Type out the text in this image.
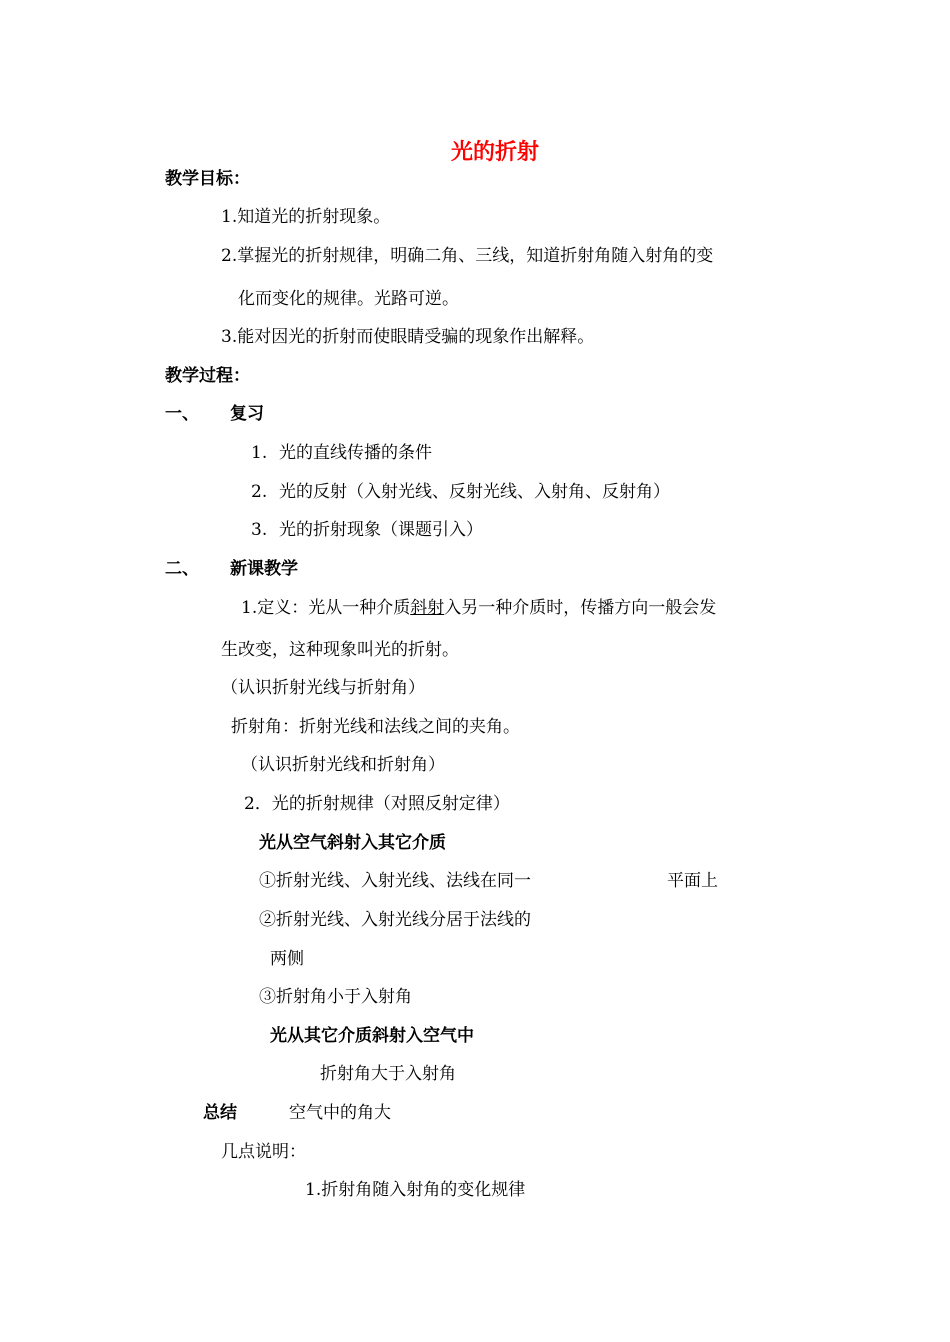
光的折射
教学目标：
1.知道光的折射现象。
2.掌握光的折射规律，明确二角、三线，知道折射角随入射角的变
化而变化的规律。光路可逆。
3.能对因光的折射而使眼睛受骗的现象作出解释。
教学过程：
一、 复习
1. 光的直线传播的条件
2. 光的反射（入射光线、反射光线、入射角、反射角）
3. 光的折射现象（课题引入）
二、 新课教学
1.定义：光从一种介质斜射入另一种介质时，传播方向一般会发
生改变，这种现象叫光的折射。
（认识折射光线与折射角）
折射角：折射光线和法线之间的夹角。
（认识折射光线和折射角）
2．光的折射规律（对照反射定律）
光从空气斜射入其它介质
①折射光线、入射光线、法线在同一	平面上
②折射光线、入射光线分居于法线的
两侧
③折射角小于入射角
光从其它介质斜射入空气中
折射角大于入射角
总结	空气中的角大
几点说明：
1.折射角随入射角的变化规律
